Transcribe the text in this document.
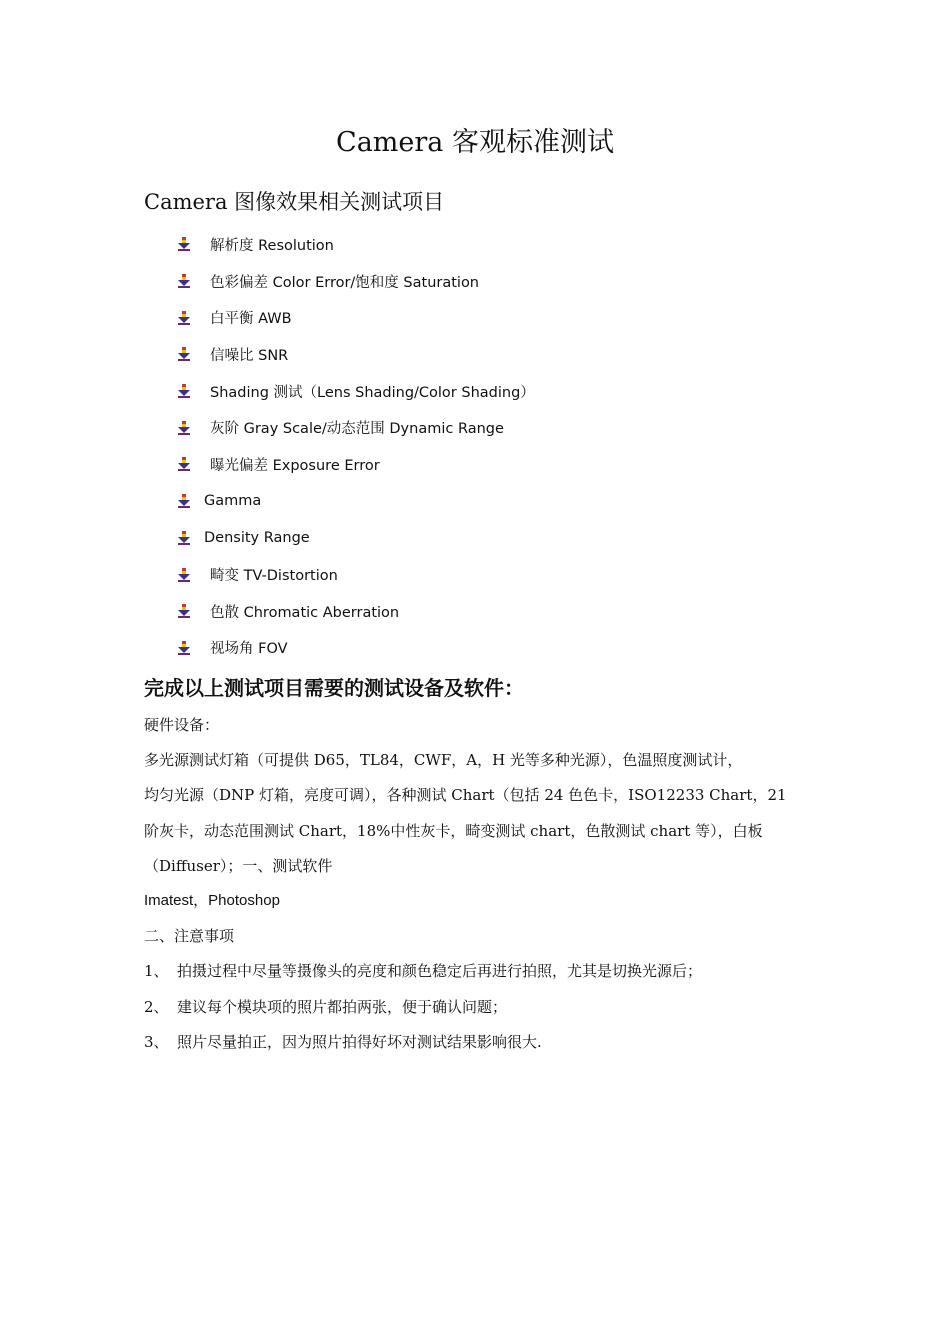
Camera 客观标准测试
Camera 图像效果相关测试项目
解析度 Resolution
色彩偏差 Color Error/饱和度 Saturation
白平衡 AWB
信噪比 SNR
Shading 测试（Lens Shading/Color Shading）
灰阶 Gray Scale/动态范围 Dynamic Range
曝光偏差 Exposure Error
Gamma
Density Range
畸变 TV-Distortion
色散 Chromatic Aberration
视场角 FOV
完成以上测试项目需要的测试设备及软件：
硬件设备：
多光源测试灯箱（可提供 D65，TL84，CWF，A，H 光等多种光源），色温照度测试计，
均匀光源（DNP 灯箱，亮度可调），各种测试 Chart（包括 24 色色卡，ISO12233 Chart，21
阶灰卡，动态范围测试 Chart，18%中性灰卡，畸变测试 chart，色散测试 chart 等），白板
（Diffuser）；一、测试软件
Imatest，Photoshop
二、注意事项
1、 拍摄过程中尽量等摄像头的亮度和颜色稳定后再进行拍照，尤其是切换光源后；
2、 建议每个模块项的照片都拍两张，便于确认问题；
3、 照片尽量拍正，因为照片拍得好坏对测试结果影响很大.
